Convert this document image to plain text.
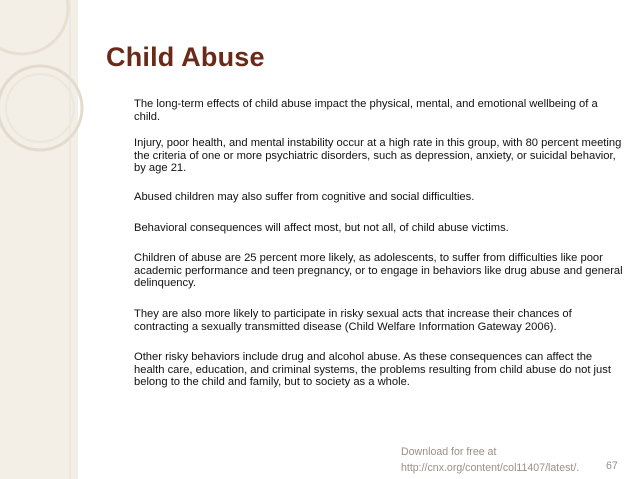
Child Abuse
The long-term effects of child abuse impact the physical, mental, and emotional wellbeing of a child.
Injury, poor health, and mental instability occur at a high rate in this group, with 80 percent meeting the criteria of one or more psychiatric disorders, such as depression, anxiety, or suicidal behavior, by age 21.
Abused children may also suffer from cognitive and social difficulties.
Behavioral consequences will affect most, but not all, of child abuse victims.
Children of abuse are 25 percent more likely, as adolescents, to suffer from difficulties like poor academic performance and teen pregnancy, or to engage in behaviors like drug abuse and general delinquency.
They are also more likely to participate in risky sexual acts that increase their chances of contracting a sexually transmitted disease (Child Welfare Information Gateway 2006).
Other risky behaviors include drug and alcohol abuse. As these consequences can affect the health care, education, and criminal systems, the problems resulting from child abuse do not just belong to the child and family, but to society as a whole.
Download for free at
http://cnx.org/content/col11407/latest/.	67
